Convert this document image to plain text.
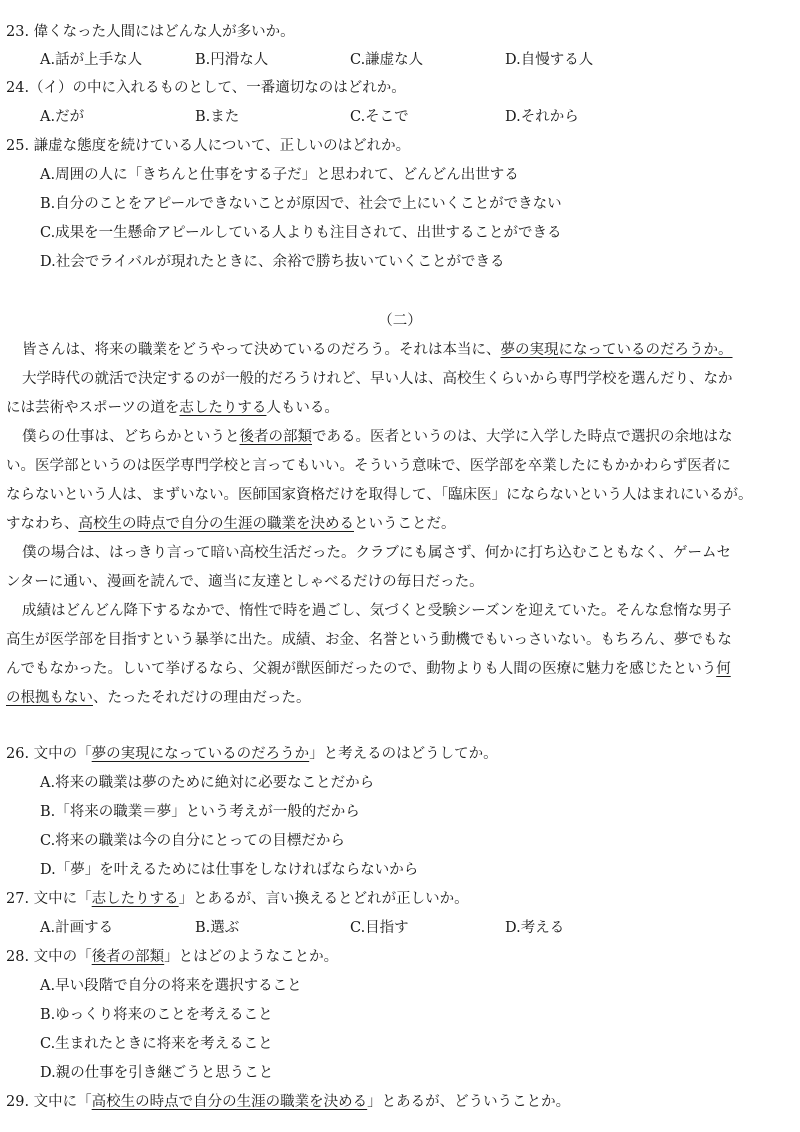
23. 偉くなった人間にはどんな人が多いか。
A.話が上手な人	B.円滑な人	C.謙虚な人	D.自慢する人
24.（イ）の中に入れるものとして、一番適切なのはどれか。
A.だが	B.また	C.そこで	D.それから
25. 謙虚な態度を続けている人について、正しいのはどれか。
A.周囲の人に「きちんと仕事をする子だ」と思われて、どんどん出世する
B.自分のことをアピールできないことが原因で、社会で上にいくことができない
C.成果を一生懸命アピールしている人よりも注目されて、出世することができる
D.社会でライバルが現れたときに、余裕で勝ち抜いていくことができる
（二）
皆さんは、将来の職業をどうやって決めているのだろう。それは本当に、夢の実現になっているのだろうか。
大学時代の就活で決定するのが一般的だろうけれど、早い人は、高校生くらいから専門学校を選んだり、なか
には芸術やスポーツの道を志したりする人もいる。
僕らの仕事は、どちらかというと後者の部類である。医者というのは、大学に入学した時点で選択の余地はな
い。医学部というのは医学専門学校と言ってもいい。そういう意味で、医学部を卒業したにもかかわらず医者に
ならないという人は、まずいない。医師国家資格だけを取得して、「臨床医」にならないという人はまれにいるが。
すなわち、高校生の時点で自分の生涯の職業を決めるということだ。
僕の場合は、はっきり言って暗い高校生活だった。クラブにも属さず、何かに打ち込むこともなく、ゲームセ
ンターに通い、漫画を読んで、適当に友達としゃべるだけの毎日だった。
成績はどんどん降下するなかで、惰性で時を過ごし、気づくと受験シーズンを迎えていた。そんな怠惰な男子
高生が医学部を目指すという暴挙に出た。成績、お金、名誉という動機でもいっさいない。もちろん、夢でもな
んでもなかった。しいて挙げるなら、父親が獣医師だったので、動物よりも人間の医療に魅力を感じたという何
の根拠もない、たったそれだけの理由だった。
26. 文中の「夢の実現になっているのだろうか」と考えるのはどうしてか。
A.将来の職業は夢のために絶対に必要なことだから
B.「将来の職業＝夢」という考えが一般的だから
C.将来の職業は今の自分にとっての目標だから
D.「夢」を叶えるためには仕事をしなければならないから
27. 文中に「志したりする」とあるが、言い換えるとどれが正しいか。
A.計画する	B.選ぶ	C.目指す	D.考える
28. 文中の「後者の部類」とはどのようなことか。
A.早い段階で自分の将来を選択すること
B.ゆっくり将来のことを考えること
C.生まれたときに将来を考えること
D.親の仕事を引き継ごうと思うこと
29. 文中に「高校生の時点で自分の生涯の職業を決める」とあるが、どういうことか。
